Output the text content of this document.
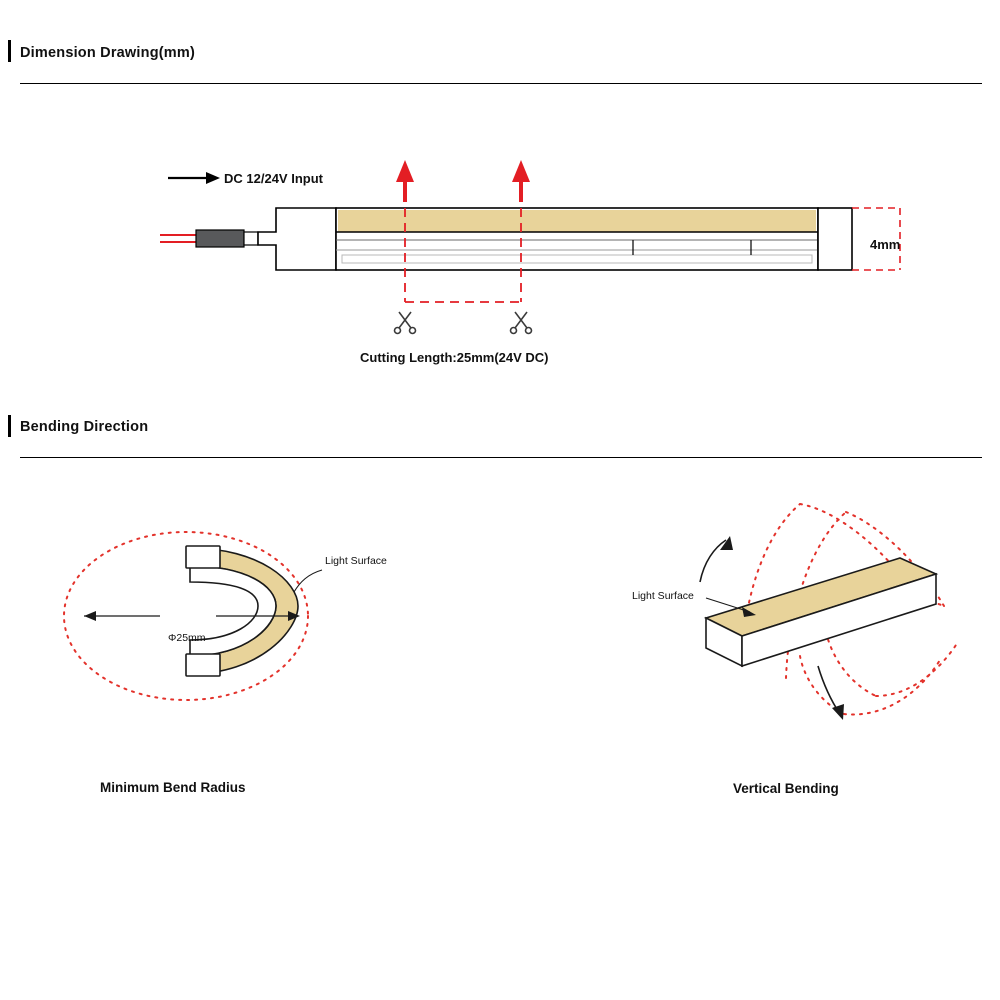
Dimension Drawing(mm)
DC 12/24V Input
4mm
Cutting Length:25mm(24V DC)
Bending Direction
Light Surface
Φ25mm
Light Surface
Minimum Bend Radius	Vertical Bending
